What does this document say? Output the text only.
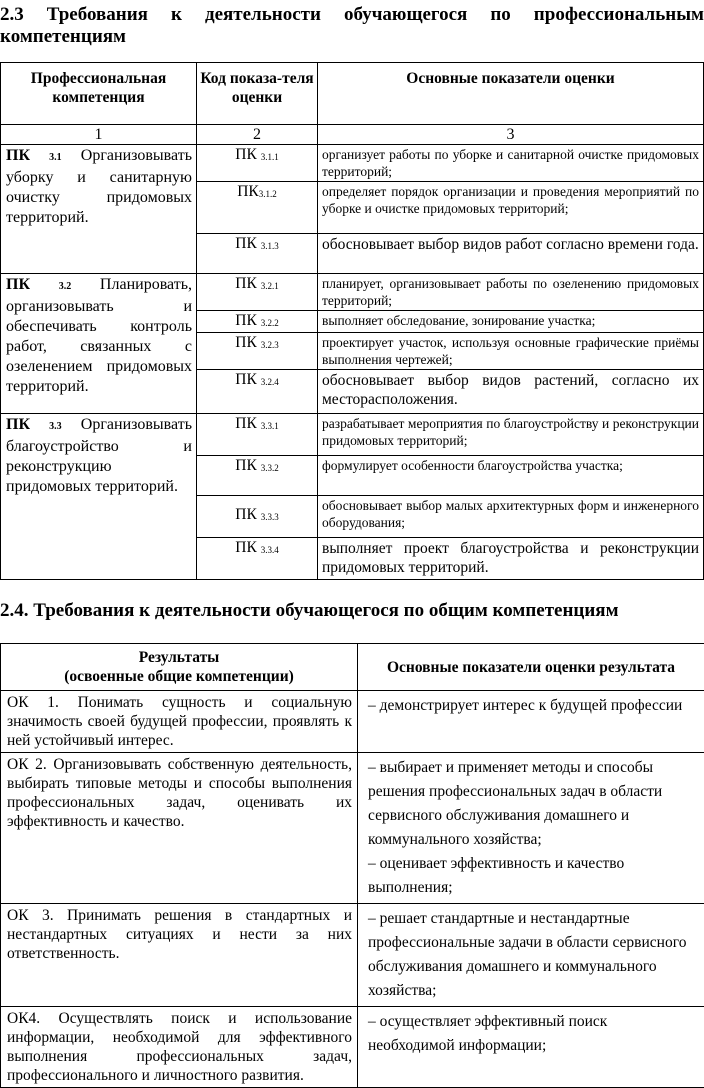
2.3 Требования к деятельности обучающегося по профессиональным компетенциям
Профессиональная компетенция	Код показа-теля оценки	Основные показатели оценки
1	2	3
ПК 3.1 Организовывать уборку и санитарную очистку придомовых территорий.	ПК $_{3.1.1}$	организует работы по уборке и санитарной очистке придомовых территорий;
	$ПК_{3.1.2}$	определяет порядок организации и проведения мероприятий по уборке и очистке придомовых территорий;
	ПК $_{3.1.3}$	обосновывает выбор видов работ согласно времени года.
ПК 3.2 Планировать, организовывать и обеспечивать контроль работ, связанных с озеленением придомовых территорий.	ПК $_{3.2.1}$	планирует, организовывает работы по озеленению придомовых территорий;
	ПК $_{3.2.2}$	выполняет обследование, зонирование участка;
	ПК $_{3.2.3}$	проектирует участок, используя основные графические приёмы выполнения чертежей;
	ПК $_{3.2.4}$	обосновывает выбор видов растений, согласно их месторасположения.
ПК 3.3 Организовывать благоустройство и реконструкцию придомовых территорий.	ПК $_{3.3.1}$	разрабатывает мероприятия по благоустройству и реконструкции придомовых территорий;
	ПК $_{3.3.2}$	формулирует особенности благоустройства участка;
	ПК $_{3.3.3}$	обосновывает выбор малых архитектурных форм и инженерного оборудования;
	ПК $_{3.3.4}$	выполняет проект благоустройства и реконструкции придомовых территорий.
2.4. Требования к деятельности обучающегося по общим компетенциям
Результаты
(освоенные общие компетенции)	Основные показатели оценки результата
ОК 1. Понимать сущность и социальную значимость своей будущей профессии, проявлять к ней устойчивый интерес.	– демонстрирует интерес к будущей профессии

ОК 2. Организовывать собственную деятельность, выбирать типовые методы и способы выполнения профессиональных задач, оценивать их эффективность и качество.	– выбирает и применяет методы и способы решения профессиональных задач в области сервисного обслуживания домашнего и коммунального хозяйства;
– оценивает эффективность и качество выполнения;

ОК 3. Принимать решения в стандартных и нестандартных ситуациях и нести за них ответственность.	– решает стандартные и нестандартные профессиональные задачи в области сервисного обслуживания домашнего и коммунального хозяйства;

ОК4. Осуществлять поиск и использование информации, необходимой для эффективного выполнения профессиональных задач, профессионального и личностного развития.	– осуществляет эффективный поиск необходимой информации;
